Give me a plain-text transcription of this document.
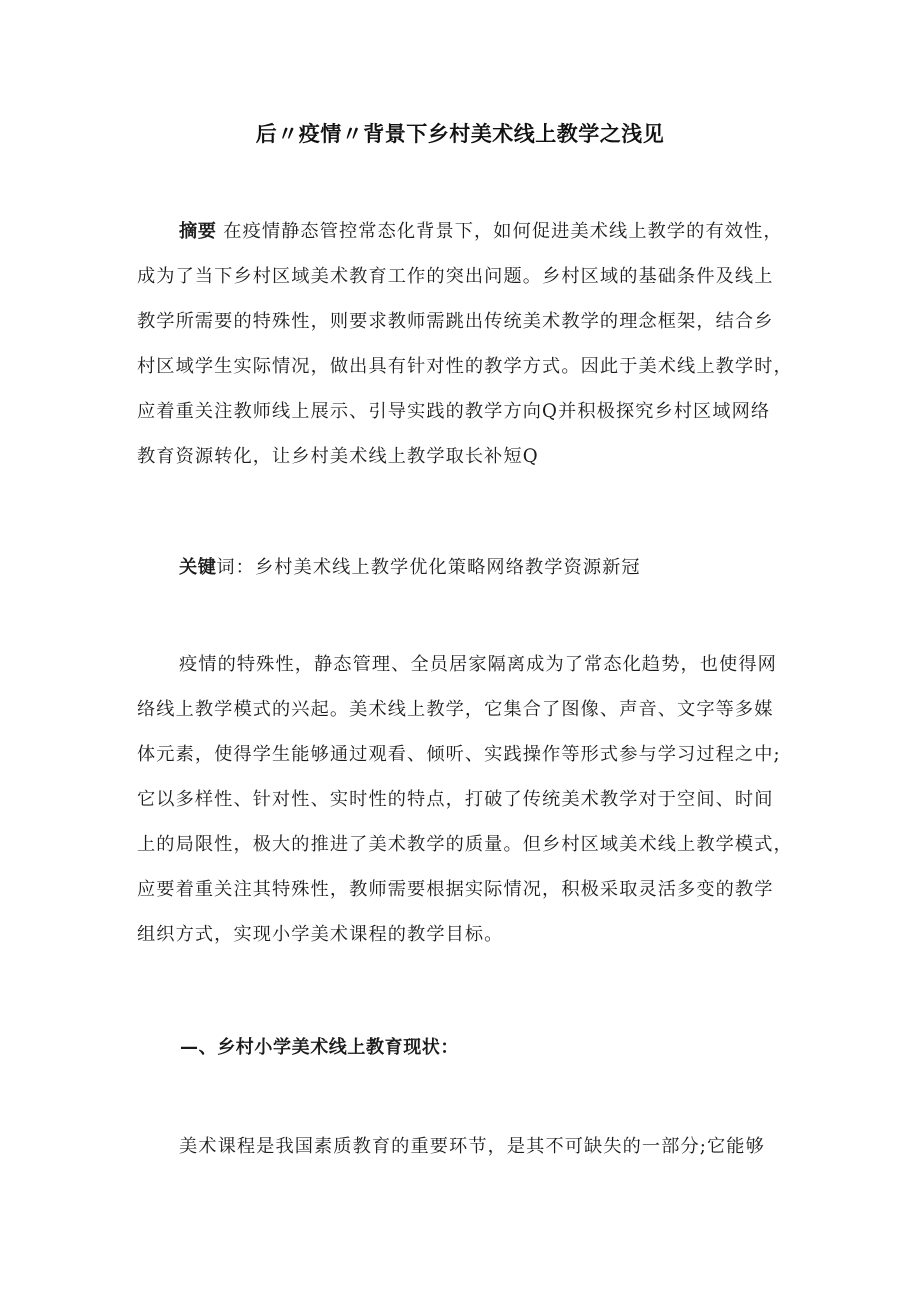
后〃疫情〃背景下乡村美术线上教学之浅见
摘要 在疫情静态管控常态化背景下，如何促进美术线上教学的有效性，
成为了当下乡村区域美术教育工作的突出问题。乡村区域的基础条件及线上
教学所需要的特殊性，则要求教师需跳出传统美术教学的理念框架，结合乡
村区域学生实际情况，做出具有针对性的教学方式。因此于美术线上教学时，
应着重关注教师线上展示、引导实践的教学方向Q并积极探究乡村区域网络
教育资源转化，让乡村美术线上教学取长补短Q
关键词：乡村美术线上教学优化策略网络教学资源新冠
疫情的特殊性，静态管理、全员居家隔离成为了常态化趋势，也使得网
络线上教学模式的兴起。美术线上教学，它集合了图像、声音、文字等多媒
体元素，使得学生能够通过观看、倾听、实践操作等形式参与学习过程之中;
它以多样性、针对性、实时性的特点，打破了传统美术教学对于空间、时间
上的局限性，极大的推进了美术教学的质量。但乡村区域美术线上教学模式，
应要着重关注其特殊性，教师需要根据实际情况，积极采取灵活多变的教学
组织方式，实现小学美术课程的教学目标。
—、乡村小学美术线上教育现状：
美术课程是我国素质教育的重要环节，是其不可缺失的一部分;它能够
